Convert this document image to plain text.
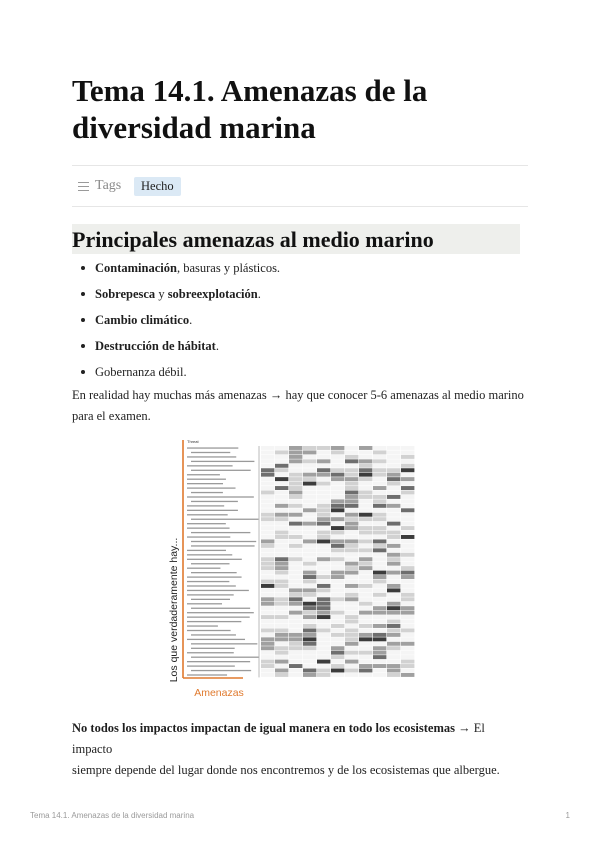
Tema 14.1. Amenazas de la diversidad marina
Tags	Hecho
Principales amenazas al medio marino
Contaminación, basuras y plásticos.
Sobrepesca y sobreexplotación.
Cambio climático.
Destrucción de hábitat.
Gobernanza débil.

En realidad hay muchas más amenazas → hay que conocer 5-6 amenazas al medio marino
para el examen.

Los que verdaderamente hay...
Amenazas
Threat

No todos los impactos impactan de igual manera en todo los ecosistemas → El impacto
siempre depende del lugar donde nos encontremos y de los ecosistemas que albergue.

Tema 14.1. Amenazas de la diversidad marina	1
